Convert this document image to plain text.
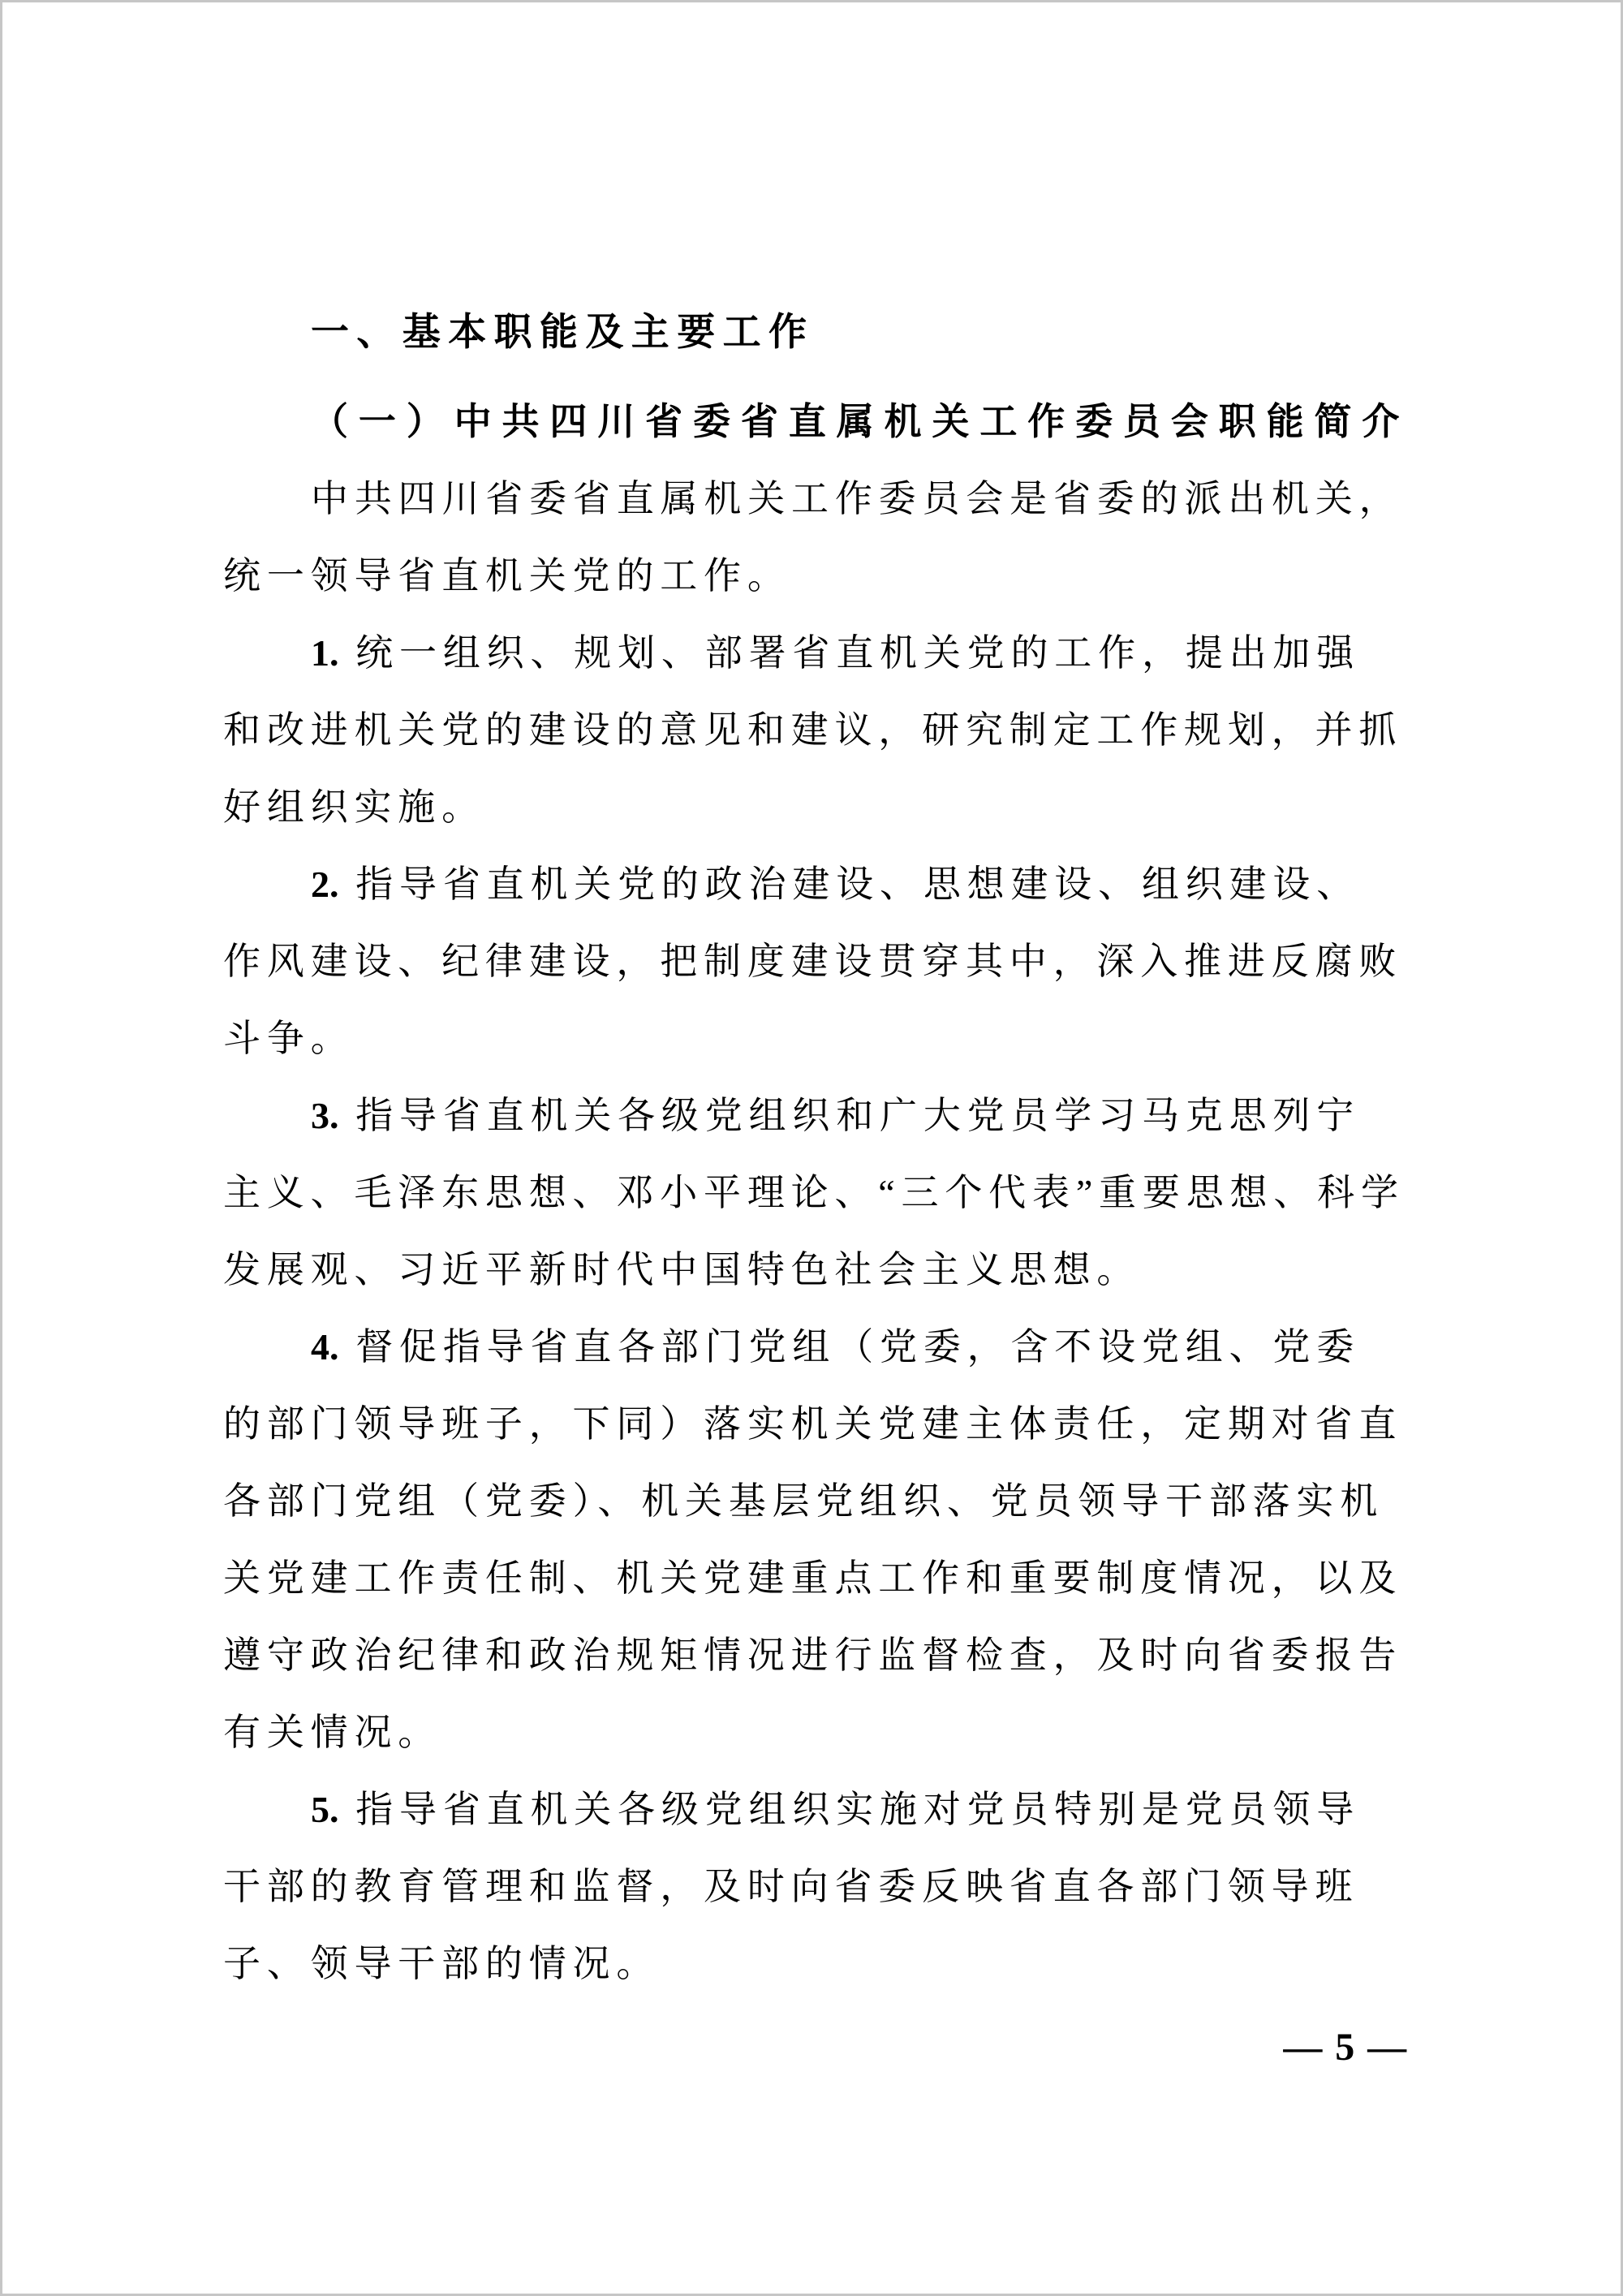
一、基本职能及主要工作
（一）中共四川省委省直属机关工作委员会职能简介
中共四川省委省直属机关工作委员会是省委的派出机关，
统一领导省直机关党的工作。
1. 统一组织、规划、部署省直机关党的工作，提出加强
和改进机关党的建设的意见和建议，研究制定工作规划，并抓
好组织实施。
2. 指导省直机关党的政治建设、思想建设、组织建设、
作风建设、纪律建设，把制度建设贯穿其中，深入推进反腐败
斗争。
3. 指导省直机关各级党组织和广大党员学习马克思列宁
主义、毛泽东思想、邓小平理论、“三个代表”重要思想、科学
发展观、习近平新时代中国特色社会主义思想。
4. 督促指导省直各部门党组（党委，含不设党组、党委
的部门领导班子，下同）落实机关党建主体责任，定期对省直
各部门党组（党委）、机关基层党组织、党员领导干部落实机
关党建工作责任制、机关党建重点工作和重要制度情况，以及
遵守政治纪律和政治规矩情况进行监督检查，及时向省委报告
有关情况。
5. 指导省直机关各级党组织实施对党员特别是党员领导
干部的教育管理和监督，及时向省委反映省直各部门领导班
子、领导干部的情况。
— 5 —
